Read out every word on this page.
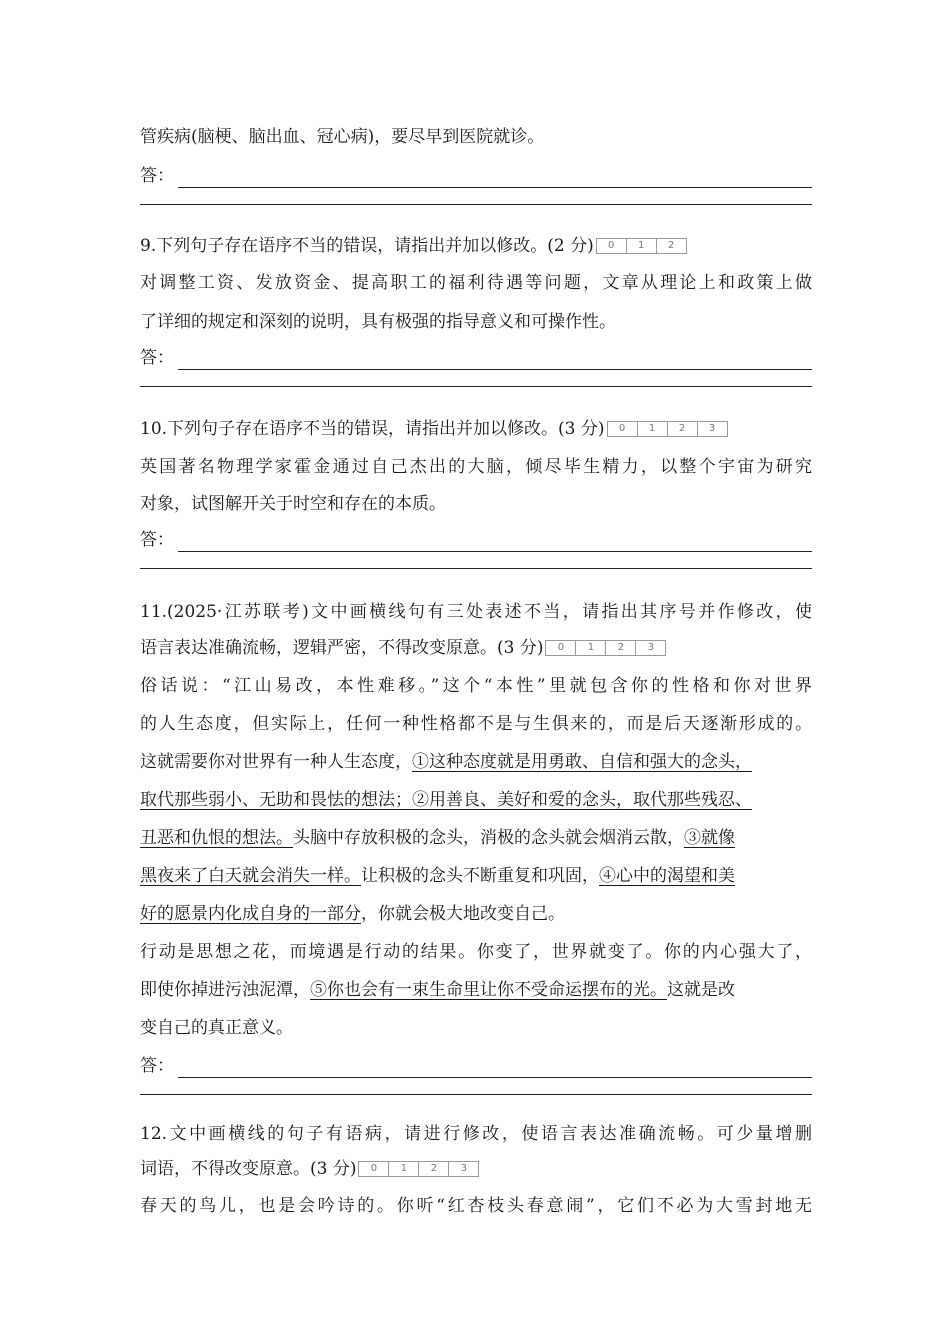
管疾病(脑梗、脑出血、冠心病)，要尽早到医院就诊。
答：
9.下列句子存在语序不当的错误，请指出并加以修改。(2 分)	0	1	2
对调整工资、发放资金、提高职工的福利待遇等问题，文章从理论上和政策上做
了详细的规定和深刻的说明，具有极强的指导意义和可操作性。
答：
10.下列句子存在语序不当的错误，请指出并加以修改。(3 分)	0	1	2	3
英国著名物理学家霍金通过自己杰出的大脑，倾尽毕生精力，以整个宇宙为研究
对象，试图解开关于时空和存在的本质。
答：
11.(2025·江苏联考)文中画横线句有三处表述不当，请指出其序号并作修改，使
语言表达准确流畅，逻辑严密，不得改变原意。(3 分)	0	1	2	3
俗话说：“江山易改，本性难移。”这个“本性”里就包含你的性格和你对世界
的人生态度，但实际上，任何一种性格都不是与生俱来的，而是后天逐渐形成的。
这就需要你对世界有一种人生态度，①这种态度就是用勇敢、自信和强大的念头，
取代那些弱小、无助和畏怯的想法；②用善良、美好和爱的念头，取代那些残忍、
丑恶和仇恨的想法。头脑中存放积极的念头，消极的念头就会烟消云散，③就像
黑夜来了白天就会消失一样。让积极的念头不断重复和巩固，④心中的渴望和美
好的愿景内化成自身的一部分，你就会极大地改变自己。
行动是思想之花，而境遇是行动的结果。你变了，世界就变了。你的内心强大了，
即使你掉进污浊泥潭，⑤你也会有一束生命里让你不受命运摆布的光。这就是改
变自己的真正意义。
答：
12.文中画横线的句子有语病，请进行修改，使语言表达准确流畅。可少量增删
词语，不得改变原意。(3 分)	0	1	2	3
春天的鸟儿，也是会吟诗的。你听“红杏枝头春意闹”，它们不必为大雪封地无
